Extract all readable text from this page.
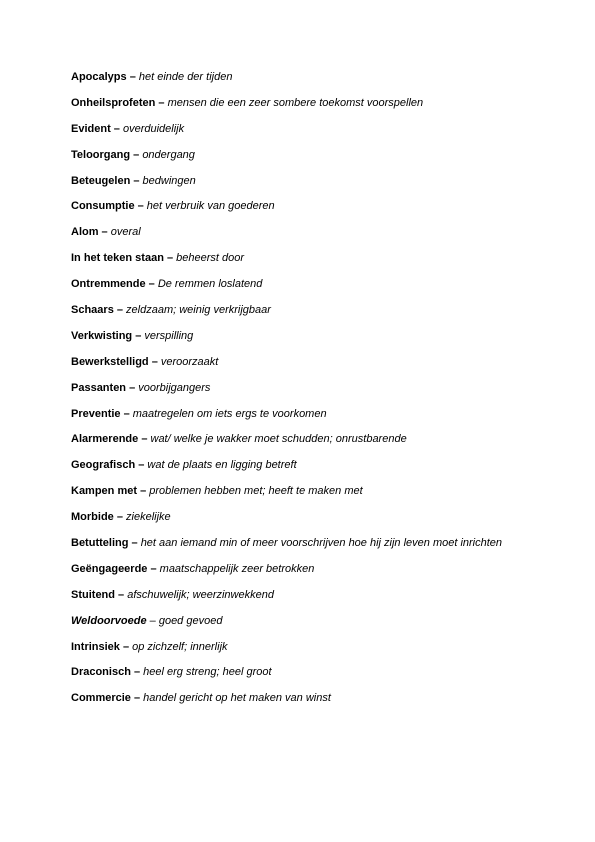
Apocalyps – het einde der tijden
Onheilsprofeten – mensen die een zeer sombere toekomst voorspellen
Evident – overduidelijk
Teloorgang – ondergang
Beteugelen – bedwingen
Consumptie – het verbruik van goederen
Alom – overal
In het teken staan – beheerst door
Ontremmende – De remmen loslatend
Schaars – zeldzaam; weinig verkrijgbaar
Verkwisting – verspilling
Bewerkstelligd – veroorzaakt
Passanten – voorbijgangers
Preventie – maatregelen om iets ergs te voorkomen
Alarmerende – wat/ welke je wakker moet schudden; onrustbarende
Geografisch – wat de plaats en ligging betreft
Kampen met – problemen hebben met; heeft te maken met
Morbide – ziekelijke
Betutteling – het aan iemand min of meer voorschrijven hoe hij zijn leven moet inrichten
Geëngageerde – maatschappelijk zeer betrokken
Stuitend – afschuwelijk; weerzinwekkend
Weldoorvoede – goed gevoed
Intrinsiek – op zichzelf; innerlijk
Draconisch – heel erg streng; heel groot
Commercie – handel gericht op het maken van winst
